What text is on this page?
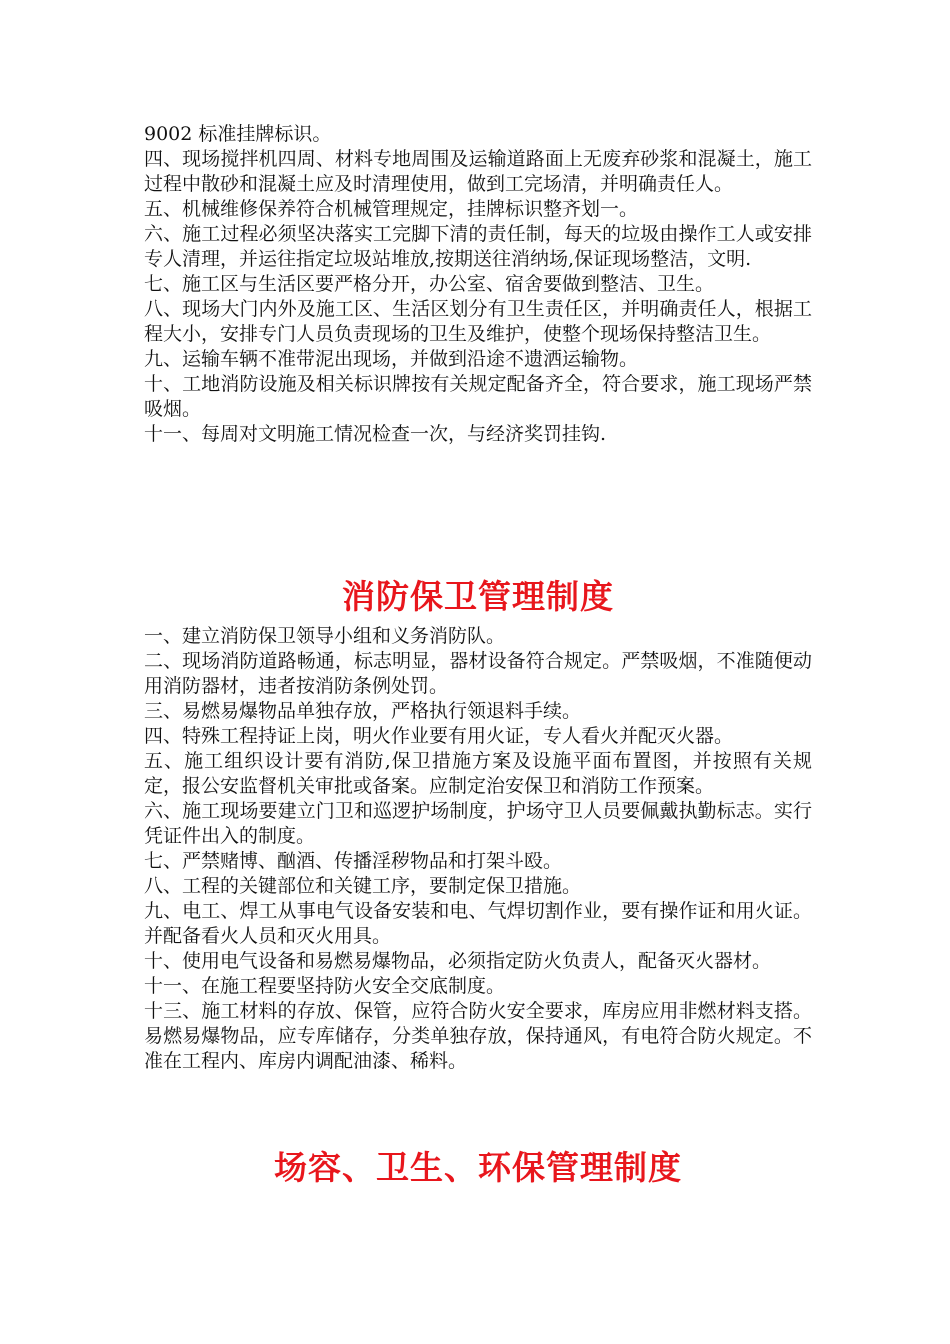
9002 标准挂牌标识。

四、现场搅拌机四周、材料专地周围及运输道路面上无废弃砂浆和混凝土，施工过程中散砂和混凝土应及时清理使用，做到工完场清，并明确责任人。

五、机械维修保养符合机械管理规定，挂牌标识整齐划一。

六、施工过程必须坚决落实工完脚下清的责任制，每天的垃圾由操作工人或安排专人清理，并运往指定垃圾站堆放,按期送往消纳场,保证现场整洁，文明.

七、施工区与生活区要严格分开，办公室、宿舍要做到整洁、卫生。

八、现场大门内外及施工区、生活区划分有卫生责任区，并明确责任人，根据工程大小，安排专门人员负责现场的卫生及维护，使整个现场保持整洁卫生。

九、运输车辆不准带泥出现场，并做到沿途不遗洒运输物。

十、工地消防设施及相关标识牌按有关规定配备齐全，符合要求，施工现场严禁吸烟。

十一、每周对文明施工情况检查一次，与经济奖罚挂钩.

消防保卫管理制度

一、建立消防保卫领导小组和义务消防队。

二、现场消防道路畅通，标志明显，器材设备符合规定。严禁吸烟，不准随便动用消防器材，违者按消防条例处罚。

三、易燃易爆物品单独存放，严格执行领退料手续。

四、特殊工程持证上岗，明火作业要有用火证，专人看火并配灭火器。

五、施工组织设计要有消防,保卫措施方案及设施平面布置图，并按照有关规定，报公安监督机关审批或备案。应制定治安保卫和消防工作预案。

六、施工现场要建立门卫和巡逻护场制度，护场守卫人员要佩戴执勤标志。实行凭证件出入的制度。

七、严禁赌博、酗酒、传播淫秽物品和打架斗殴。

八、工程的关键部位和关键工序，要制定保卫措施。

九、电工、焊工从事电气设备安装和电、气焊切割作业，要有操作证和用火证。并配备看火人员和灭火用具。

十、使用电气设备和易燃易爆物品，必须指定防火负责人，配备灭火器材。

十一、在施工程要坚持防火安全交底制度。

十三、施工材料的存放、保管，应符合防火安全要求，库房应用非燃材料支搭。易燃易爆物品，应专库储存，分类单独存放，保持通风，有电符合防火规定。不准在工程内、库房内调配油漆、稀料。

场容、卫生、环保管理制度
